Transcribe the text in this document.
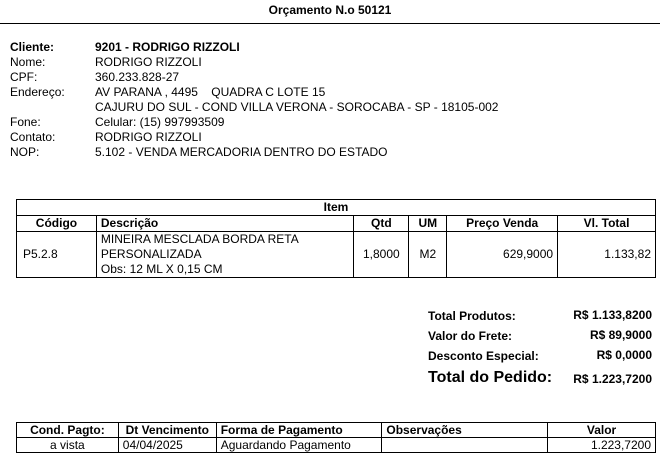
Orçamento N.o 50121
Cliente:	9201 - RODRIGO RIZZOLI
Nome:	RODRIGO RIZZOLI
CPF:	360.233.828-27
Endereço:	AV PARANA , 4495    QUADRA C LOTE 15
CAJURU DO SUL - COND VILLA VERONA - SOROCABA - SP - 18105-002
Fone:	Celular: (15) 997993509
Contato:	RODRIGO RIZZOLI
NOP:	5.102 - VENDA MERCADORIA DENTRO DO ESTADO
Item					
Código	Descrição	Qtd	UM	Preço Venda	Vl. Total
P5.2.8	MINEIRA MESCLADA BORDA RETA
PERSONALIZADA
Obs: 12 ML X 0,15 CM	1,8000	M2	629,9000	1.133,82
Total Produtos:	R$ 1.133,8200
Valor do Frete:	R$ 89,9000
Desconto Especial:	R$ 0,0000
Total do Pedido: R$ 1.223,7200
Cond. Pagto:	Dt Vencimento	Forma de Pagamento	Observações	Valor
a vista	04/04/2025	Aguardando Pagamento		1.223,7200
